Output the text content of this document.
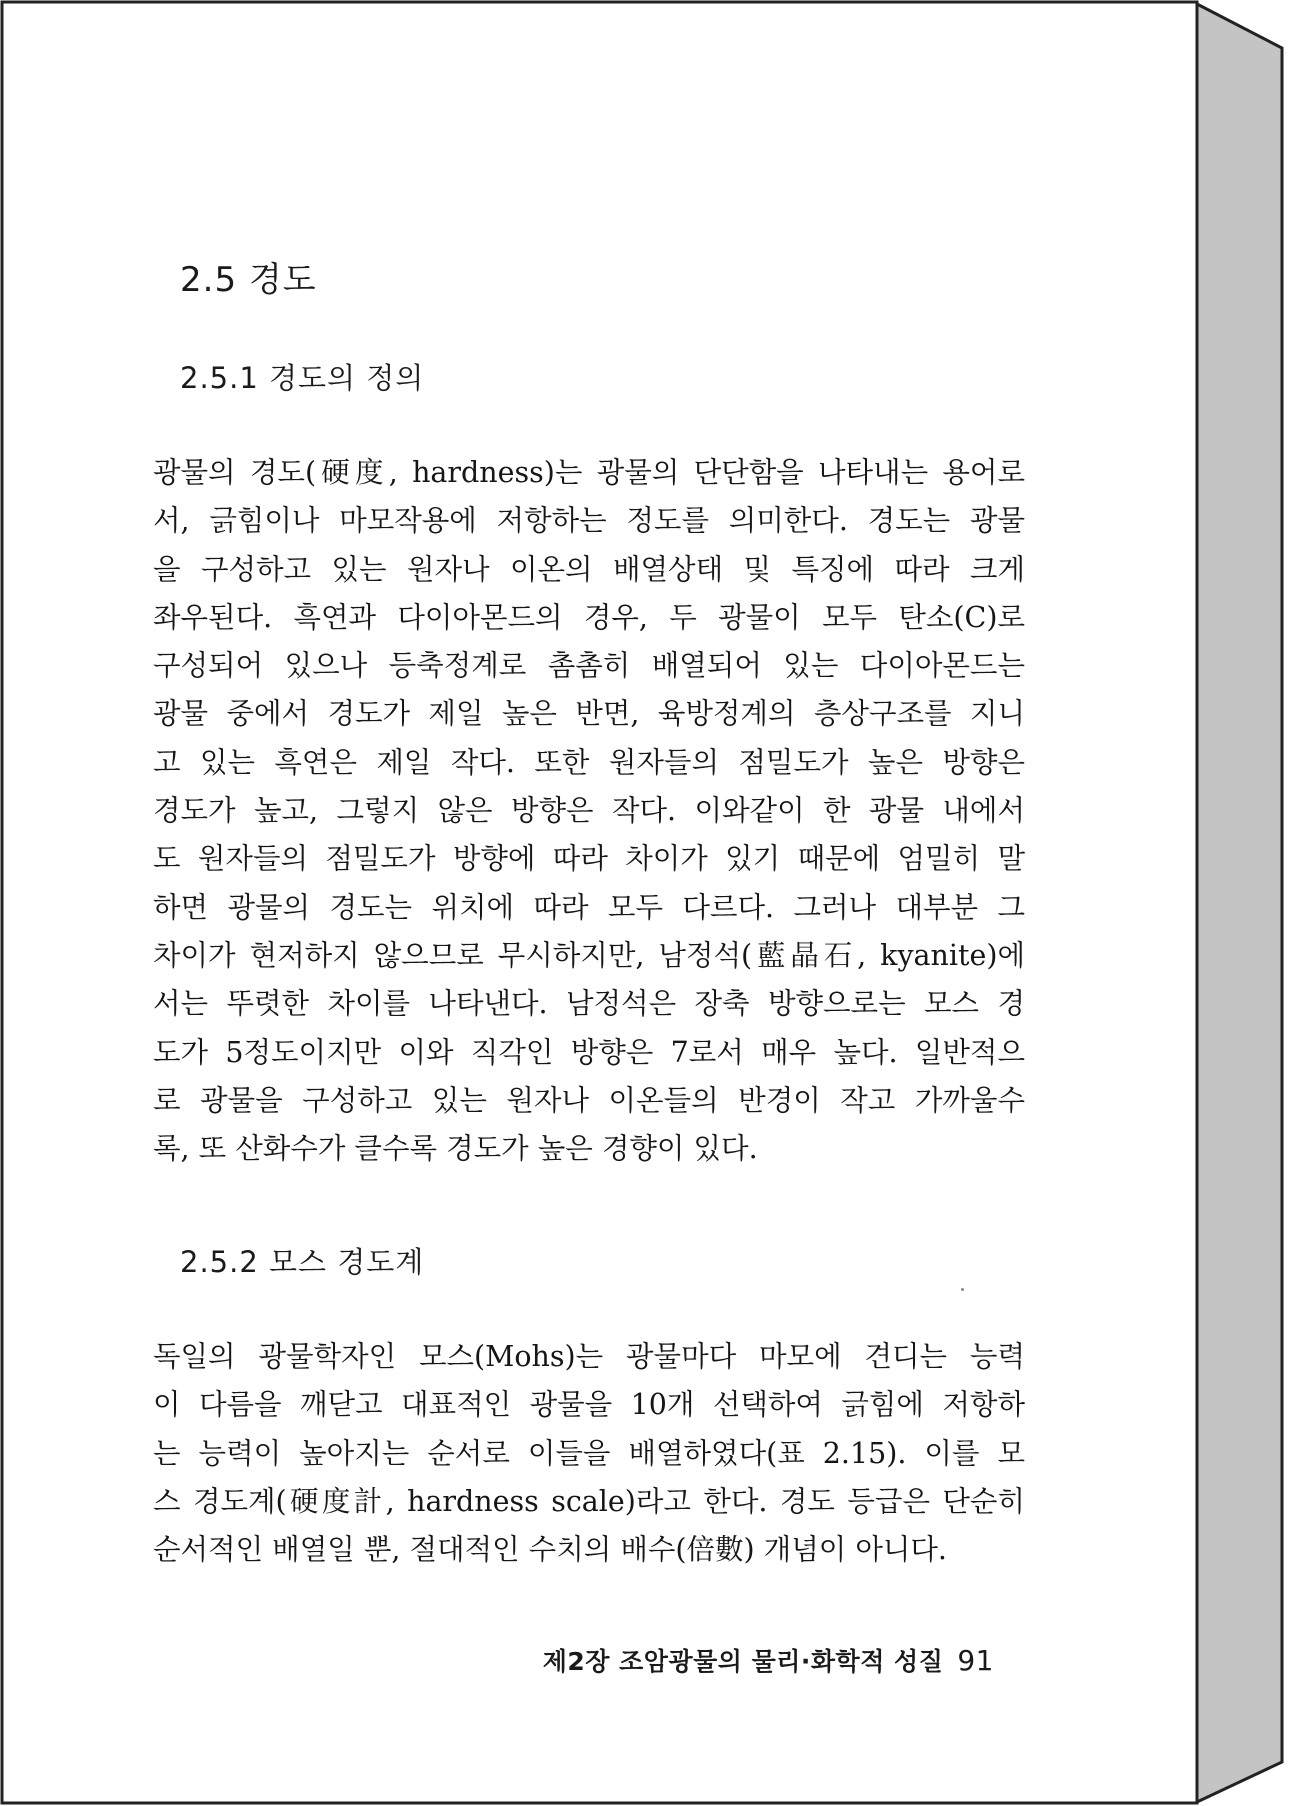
2.5 경도
2.5.1 경도의 정의
광물의 경도(硬度, hardness)는 광물의 단단함을 나타내는 용어로
서, 긁힘이나 마모작용에 저항하는 정도를 의미한다. 경도는 광물
을 구성하고 있는 원자나 이온의 배열상태 및 특징에 따라 크게
좌우된다. 흑연과 다이아몬드의 경우, 두 광물이 모두 탄소(C)로
구성되어 있으나 등축정계로 촘촘히 배열되어 있는 다이아몬드는
광물 중에서 경도가 제일 높은 반면, 육방정계의 층상구조를 지니
고 있는 흑연은 제일 작다. 또한 원자들의 점밀도가 높은 방향은
경도가 높고, 그렇지 않은 방향은 작다. 이와같이 한 광물 내에서
도 원자들의 점밀도가 방향에 따라 차이가 있기 때문에 엄밀히 말
하면 광물의 경도는 위치에 따라 모두 다르다. 그러나 대부분 그
차이가 현저하지 않으므로 무시하지만, 남정석(藍晶石, kyanite)에
서는 뚜렷한 차이를 나타낸다. 남정석은 장축 방향으로는 모스 경
도가 5정도이지만 이와 직각인 방향은 7로서 매우 높다. 일반적으
로 광물을 구성하고 있는 원자나 이온들의 반경이 작고 가까울수
록, 또 산화수가 클수록 경도가 높은 경향이 있다.
2.5.2 모스 경도계
독일의 광물학자인 모스(Mohs)는 광물마다 마모에 견디는 능력
이 다름을 깨닫고 대표적인 광물을 10개 선택하여 긁힘에 저항하
는 능력이 높아지는 순서로 이들을 배열하였다(표 2.15). 이를 모
스 경도계(硬度計, hardness scale)라고 한다. 경도 등급은 단순히
순서적인 배열일 뿐, 절대적인 수치의 배수(倍數) 개념이 아니다.
제2장 조암광물의 물리·화학적 성질 91
